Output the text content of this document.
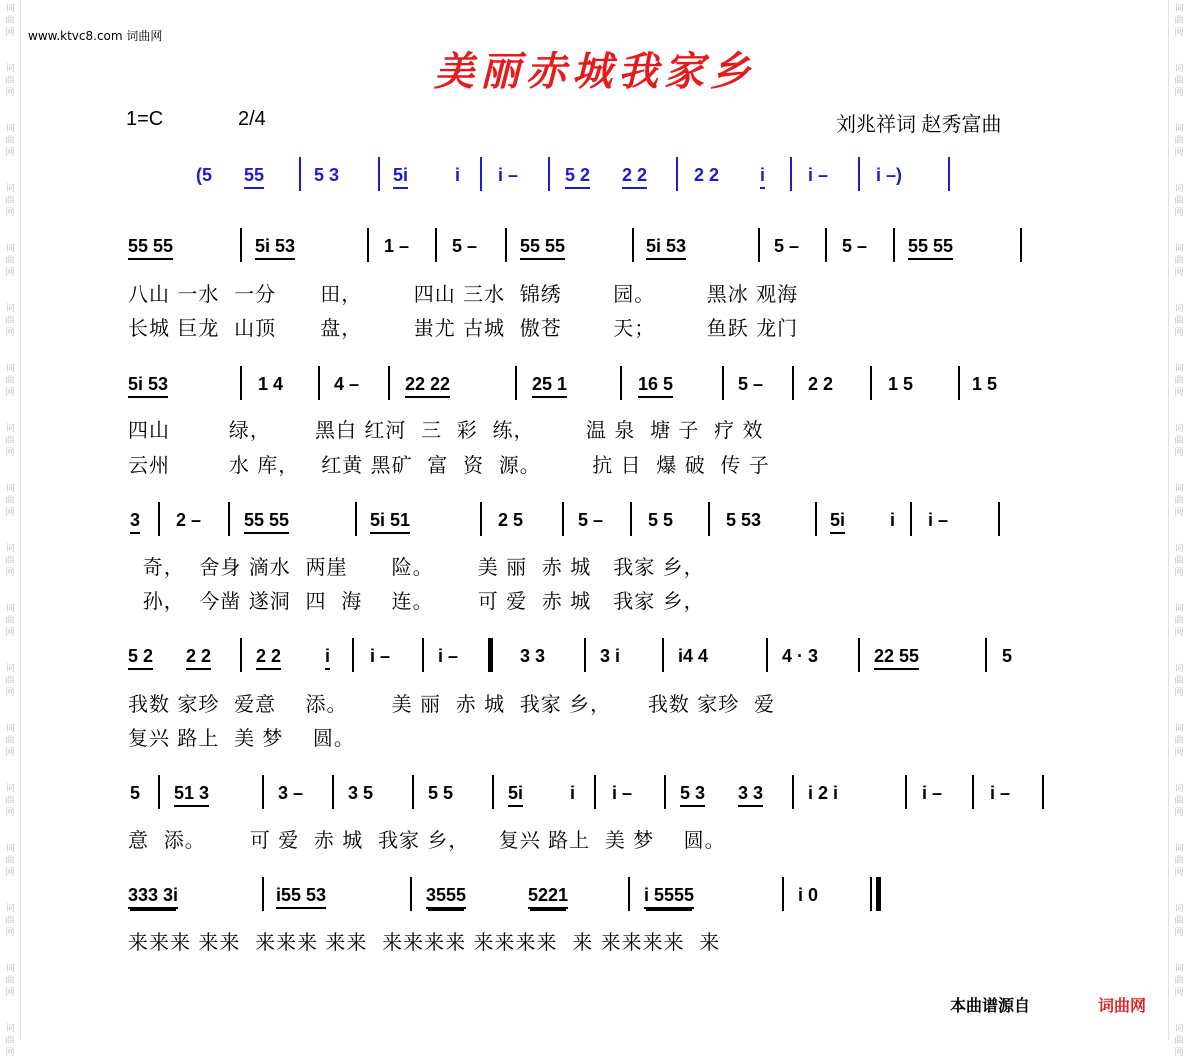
词
曲
网
词
曲
网
词
曲
网
词
曲
网
词
曲
网
词
曲
网
词
曲
网
词
曲
网
词
曲
网
词
曲
网
词
曲
网
词
曲
网
词
曲
网
词
曲
网
词
曲
网
词
曲
网
词
曲
网
词
曲
网
词
曲
网
词
曲
网
词
曲
网
词
曲
网
词
曲
网
词
曲
网
词
曲
网
词
曲
网
词
曲
网
词
曲
网
词
曲
网
词
曲
网
词
曲
网
词
曲
网
词
曲
网
词
曲
网
词
曲
网
词
曲
网
www.ktvc8.com 词曲网
美丽赤城我家乡
1=C	2/4	刘兆祥词 赵秀富曲
(5 55	5 3	5i	i i –	5 2 2 2	2 2 i i –	i –)
55 55	5i 53	1 – 5 – 55 55	5i 53	5 – 5 – 55 55
八山 一水  一分      田，       四山 三水  锦绣       园。       黑冰 观海
长城 巨龙  山顶      盘，       蚩尤 古城  傲苍       天；       鱼跃 龙门
5i 53	1 4	4 –	22 22	25 1	16 5	5 – 2 2	1 5	1 5
四山        绿，      黑白 红河  三  彩  练，       温 泉  塘 子  疗 效
云州        水 库，   红黄 黑矿  富  资  源。       抗 日  爆 破  传 子
3 2 – 55 55	5i 51	2 5	5 – 5 5	5 53	5i i i –
奇，  舍身 滴水  两崖      险。      美 丽  赤 城   我家 乡，
孙，  今凿 遂洞  四  海    连。      可 爱  赤 城   我家 乡，
5 2 2 2 2 2 i i –	i –	3 3	3 i	i4 4	4 · 3	22 55	5
我数 家珍  爱意    添。      美 丽  赤 城  我家 乡，     我数 家珍  爱
复兴 路上  美 梦    圆。
5 51 3	3 – 3 5	5 5	5i	i i –	5 3 3 3 i 2 i	i –	i –
意  添。      可 爱  赤 城  我家 乡，    复兴 路上  美 梦    圆。
333 3i	i55 53	3555	5221	i 5555	i 0
来来来 来来  来来来 来来  来来来来 来来来来  来 来来来来  来
本曲谱源自	词曲网
